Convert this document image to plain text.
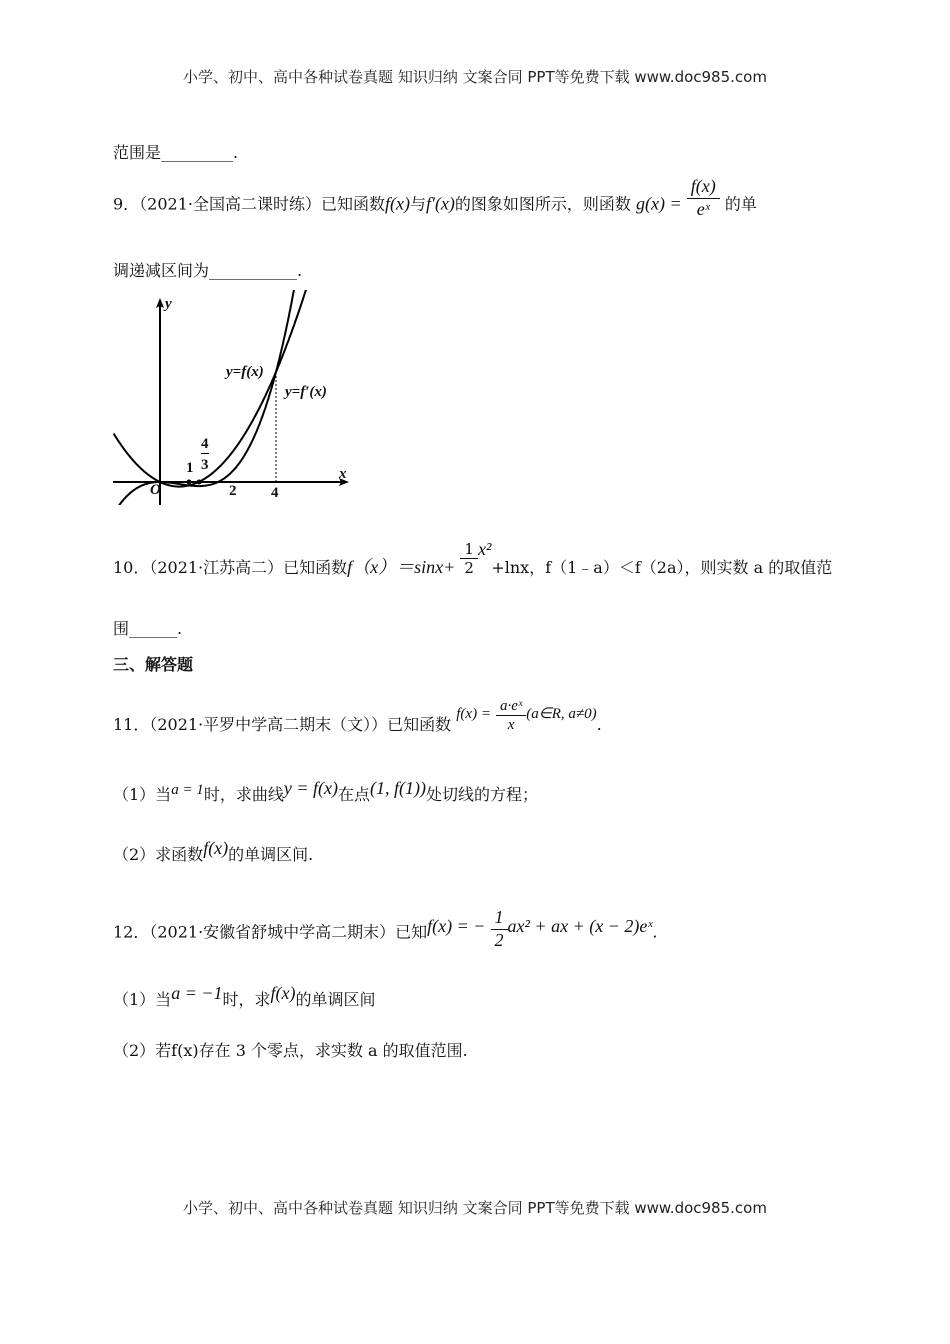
小学、初中、高中各种试卷真题 知识归纳 文案合同 PPT等免费下载 www.doc985.com
范围是_________.
9．（2021·全国高二课时练）已知函数f(x)与f′(x)的图象如图所示，则函数 $g(x) = \frac{f(x)}{\text{eˣ}}$ 的单
调递减区间为___________.
y
x
O
1
4
3
2 4
y=f(x)
y=f′(x)
10．（2021·江苏高二）已知函数$f(x)=\sin x+ \frac{1}{2} x^2+\ln x$，f（1﹣a）＜f（2a），则实数 a 的取值范
围______.
三、解答题
11．（2021·平罗中学高二期末（文））已知函数 $f(x) = \frac{\text{a·eˣ}}{x}$ (a∈R, a≠0).
（1）当a = 1时，求曲线y = f(x)在点(1, f(1))处切线的方程；
（2）求函数f(x)的单调区间.
12．（2021·安徽省舒城中学高二期末）已知f(x) = − $\frac{1}{2} ax^2$ + ax + (x − 2)eˣ.
（1）当a = −1时，求f(x)的单调区间
（2）若f(x)存在 3 个零点，求实数 a 的取值范围.
小学、初中、高中各种试卷真题 知识归纳 文案合同 PPT等免费下载 www.doc985.com
